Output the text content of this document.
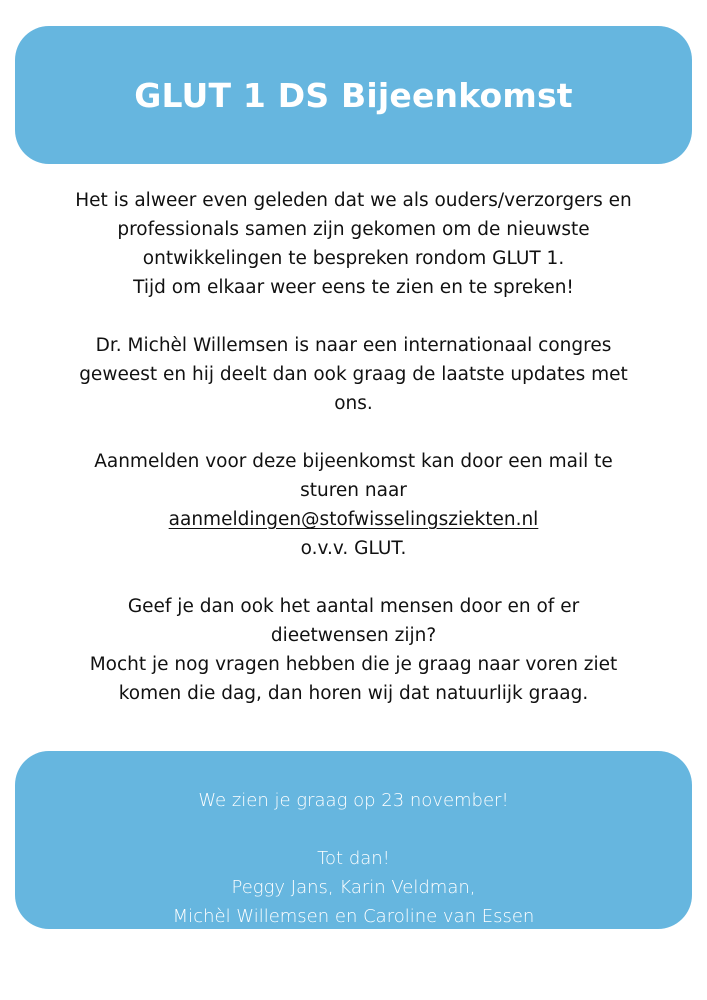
GLUT 1 DS Bijeenkomst

Het is alweer even geleden dat we als ouders/verzorgers en
professionals samen zijn gekomen om de nieuwste
ontwikkelingen te bespreken rondom GLUT 1.
Tijd om elkaar weer eens te zien en te spreken!

Dr. Michèl Willemsen is naar een internationaal congres
geweest en hij deelt dan ook graag de laatste updates met
ons.

Aanmelden voor deze bijeenkomst kan door een mail te
sturen naar
aanmeldingen@stofwisselingsziekten.nl
o.v.v. GLUT.

Geef je dan ook het aantal mensen door en of er
dieetwensen zijn?
Mocht je nog vragen hebben die je graag naar voren ziet
komen die dag, dan horen wij dat natuurlijk graag.

We zien je graag op 23 november!
Tot dan!
Peggy Jans, Karin Veldman,
Michèl Willemsen en Caroline van Essen
